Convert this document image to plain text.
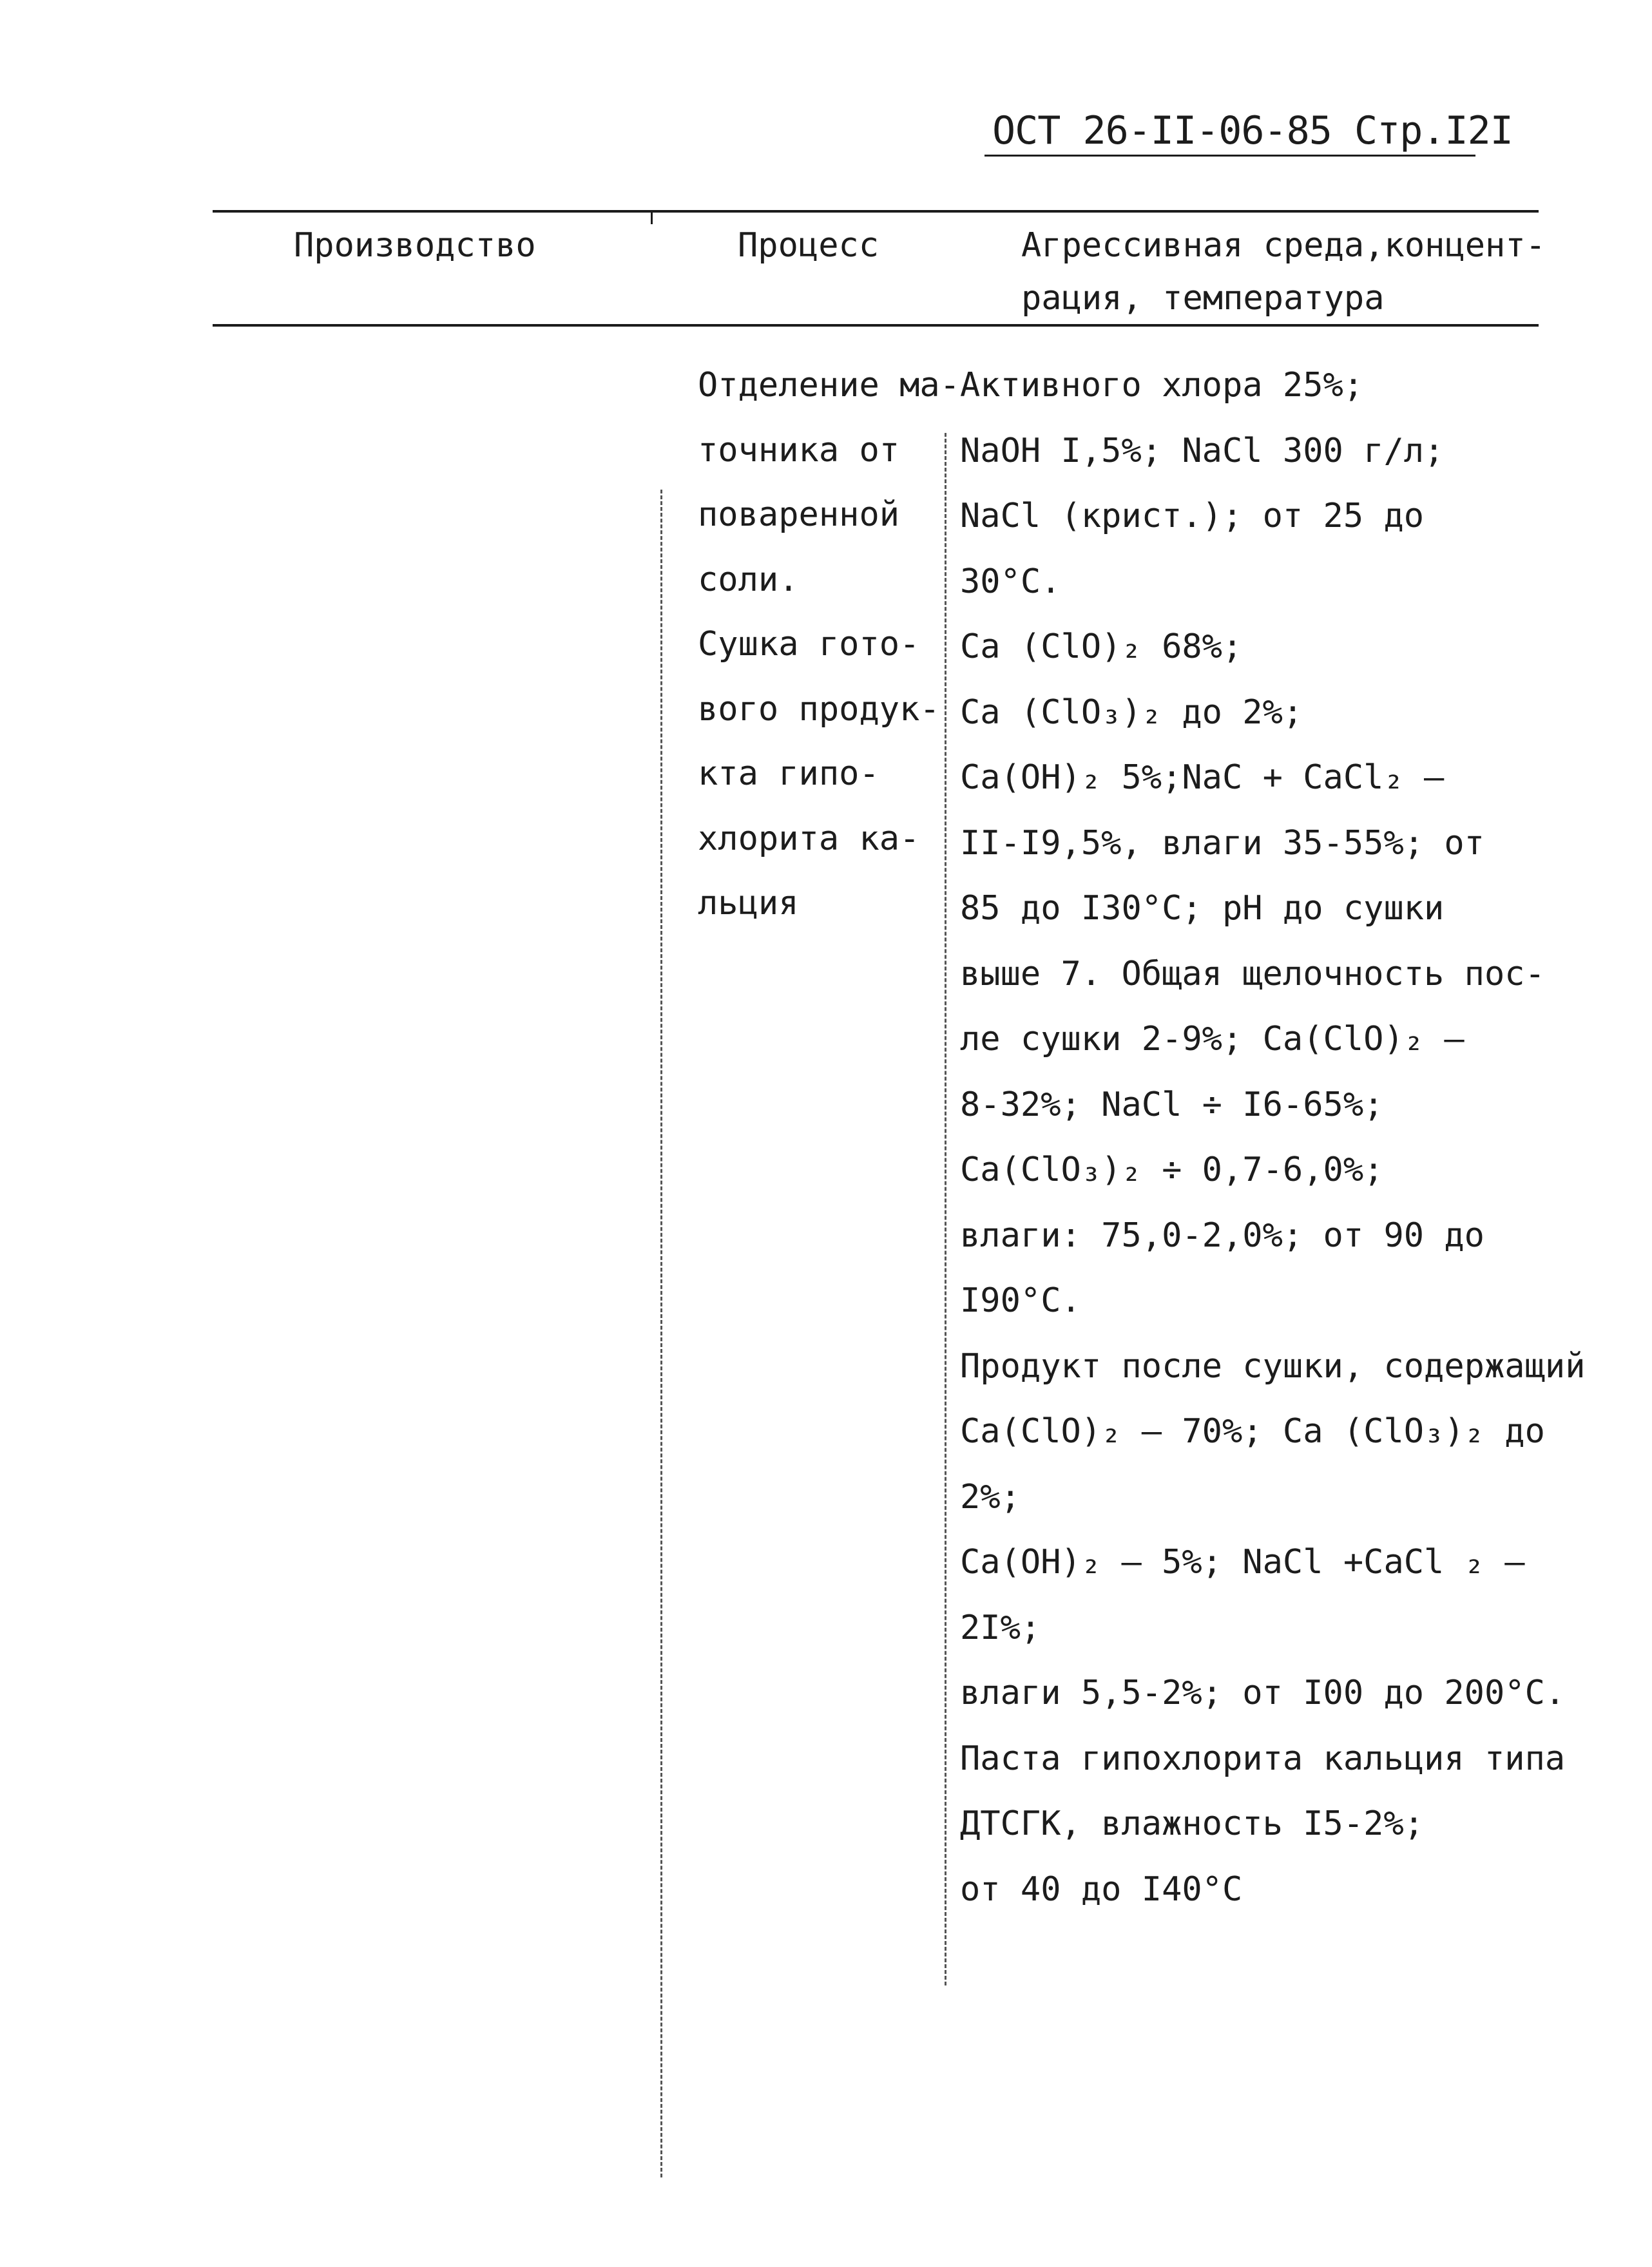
ОСТ 26-II-06-85 Стр.I2I
Производство	Процесс	Агрессивная среда,концент-
рация, температура
Отделение ма-
точника от
поваренной
соли.
Сушка гото-
вого продук-
кта гипо-
хлорита ка-
льция
Активного хлора 25%;
NaOH I,5%; NaCl 300 г/л;
NaCl (крист.); от 25 до
30°C.
Ca (ClO)₂ 68%;
Ca (ClO₃)₂ до 2%;
Ca(OH)₂ 5%;NaC + CaCl₂ –
II-I9,5%, влаги 35-55%; от
85 до I30°C; pH до сушки
выше 7. Общая щелочность пос-
ле сушки 2-9%; Ca(ClO)₂ –
8-32%; NaCl ÷ I6-65%;
Ca(ClO₃)₂ ÷ 0,7-6,0%;
влаги: 75,0-2,0%; от 90 до
I90°C.
Продукт после сушки, содержащий
Ca(ClO)₂ – 70%; Ca (ClO₃)₂ до
2%;
Ca(OH)₂ – 5%; NaCl +CaCl ₂ –
2I%;
влаги 5,5-2%; от I00 до 200°C.
Паста гипохлорита кальция типа
ДТСГК, влажность I5-2%;
от 40 до I40°C
